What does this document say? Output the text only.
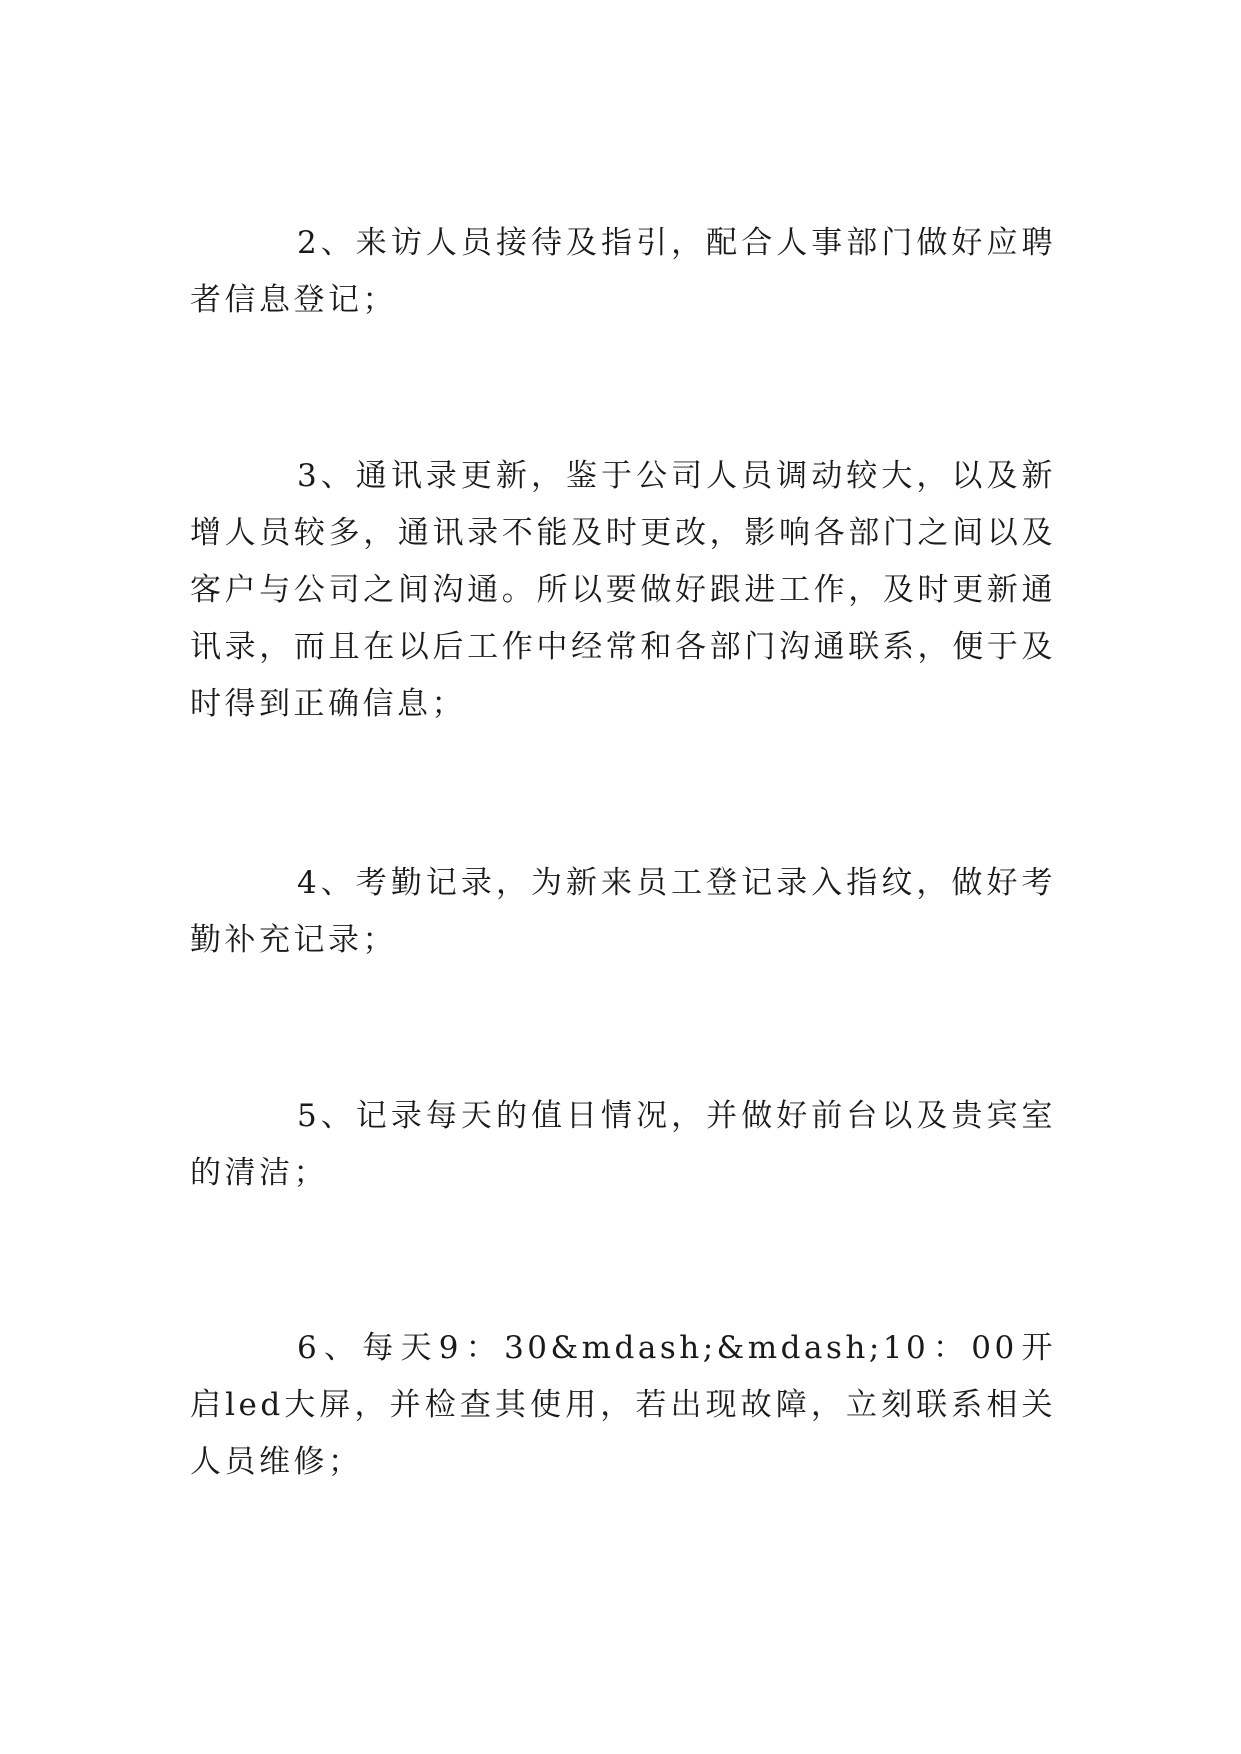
2、来访人员接待及指引，配合人事部门做好应聘者信息登记；

3、通讯录更新，鉴于公司人员调动较大，以及新增人员较多，通讯录不能及时更改，影响各部门之间以及客户与公司之间沟通。所以要做好跟进工作，及时更新通讯录，而且在以后工作中经常和各部门沟通联系，便于及时得到正确信息；

4、考勤记录，为新来员工登记录入指纹，做好考勤补充记录；

5、记录每天的值日情况，并做好前台以及贵宾室的清洁；

6、每天9：30&mdash;&mdash;10：00开启led大屏，并检查其使用，若出现故障，立刻联系相关人员维修；
